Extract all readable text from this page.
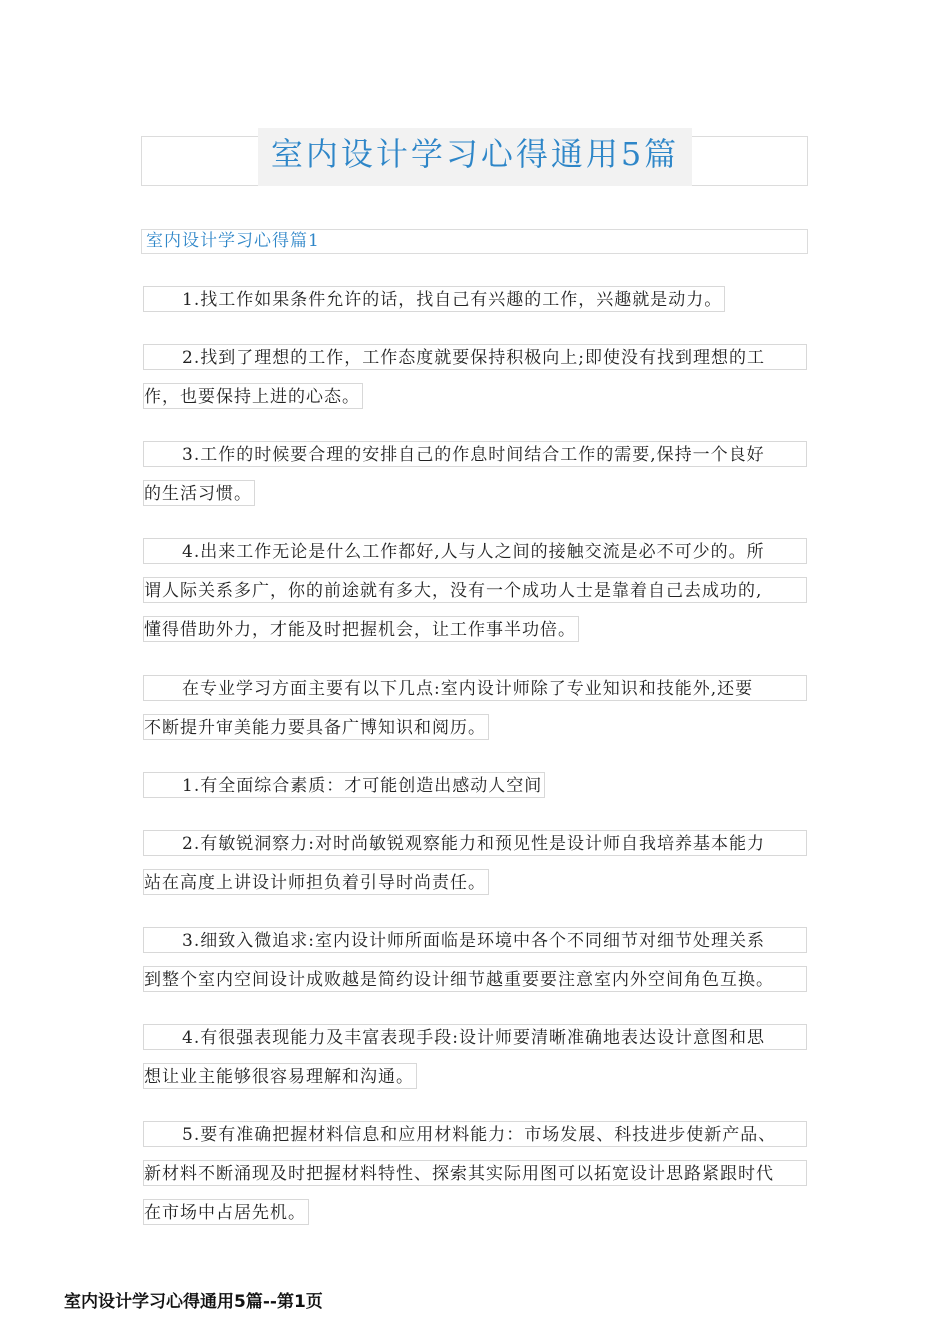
室内设计学习心得通用5篇
室内设计学习心得篇1
1.找工作如果条件允许的话，找自己有兴趣的工作，兴趣就是动力。
2.找到了理想的工作，工作态度就要保持积极向上;即使没有找到理想的工
作，也要保持上进的心态。
3.工作的时候要合理的安排自己的作息时间结合工作的需要,保持一个良好
的生活习惯。
4.出来工作无论是什么工作都好,人与人之间的接触交流是必不可少的。所
谓人际关系多广，你的前途就有多大，没有一个成功人士是靠着自己去成功的,
懂得借助外力，才能及时把握机会，让工作事半功倍。
在专业学习方面主要有以下几点:室内设计师除了专业知识和技能外,还要
不断提升审美能力要具备广博知识和阅历。
1.有全面综合素质：才可能创造出感动人空间
2.有敏锐洞察力:对时尚敏锐观察能力和预见性是设计师自我培养基本能力
站在高度上讲设计师担负着引导时尚责任。
3.细致入微追求:室内设计师所面临是环境中各个不同细节对细节处理关系
到整个室内空间设计成败越是简约设计细节越重要要注意室内外空间角色互换。
4.有很强表现能力及丰富表现手段:设计师要清晰准确地表达设计意图和思
想让业主能够很容易理解和沟通。
5.要有准确把握材料信息和应用材料能力：市场发展、科技进步使新产品、
新材料不断涌现及时把握材料特性、探索其实际用图可以拓宽设计思路紧跟时代
在市场中占居先机。
室内设计学习心得通用5篇--第1页
